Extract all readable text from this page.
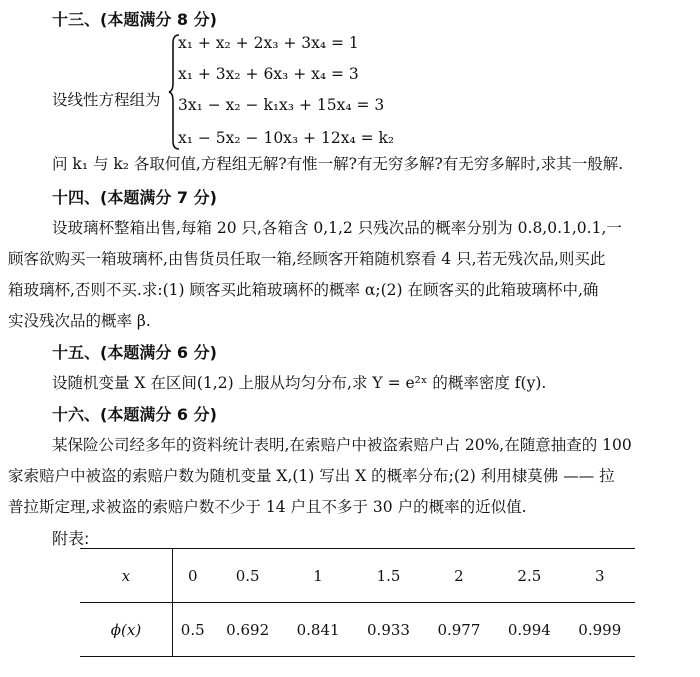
十三、(本题满分 8 分)
设线性方程组为
x₁ + x₂ + 2x₃ + 3x₄ = 1
x₁ + 3x₂ + 6x₃ + x₄ = 3
3x₁ − x₂ − k₁x₃ + 15x₄ = 3
x₁ − 5x₂ − 10x₃ + 12x₄ = k₂
问 k₁ 与 k₂ 各取何值,方程组无解?有惟一解?有无穷多解?有无穷多解时,求其一般解.
十四、(本题满分 7 分)
设玻璃杯整箱出售,每箱 20 只,各箱含 0,1,2 只残次品的概率分别为 0.8,0.1,0.1,一
顾客欲购买一箱玻璃杯,由售货员任取一箱,经顾客开箱随机察看 4 只,若无残次品,则买此
箱玻璃杯,否则不买.求:(1) 顾客买此箱玻璃杯的概率 α;(2) 在顾客买的此箱玻璃杯中,确
实没残次品的概率 β.
十五、(本题满分 6 分)
设随机变量 X 在区间(1,2) 上服从均匀分布,求 Y = e²ˣ 的概率密度 f(y).
十六、(本题满分 6 分)
某保险公司经多年的资料统计表明,在索赔户中被盗索赔户占 20%,在随意抽查的 100
家索赔户中被盗的索赔户数为随机变量 X,(1) 写出 X 的概率分布;(2) 利用棣莫佛 —— 拉
普拉斯定理,求被盗的索赔户数不少于 14 户且不多于 30 户的概率的近似值.
附表:
x	0	0.5	1	1.5	2	2.5	3
ϕ(x)	0.5	0.692	0.841	0.933	0.977	0.994	0.999
